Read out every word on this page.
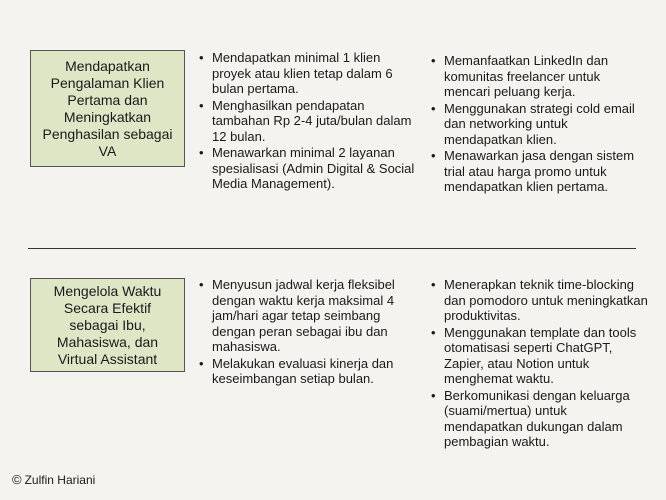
Mendapatkan
Pengalaman Klien
Pertama dan
Meningkatkan
Penghasilan sebagai
VA
• Mendapatkan minimal 1 klien proyek atau klien tetap dalam 6 bulan pertama.
• Menghasilkan pendapatan tambahan Rp 2-4 juta/bulan dalam 12 bulan.
• Menawarkan minimal 2 layanan spesialisasi (Admin Digital & Social Media Management).
• Memanfaatkan LinkedIn dan komunitas freelancer untuk mencari peluang kerja.
• Menggunakan strategi cold email dan networking untuk mendapatkan klien.
• Menawarkan jasa dengan sistem trial atau harga promo untuk mendapatkan klien pertama.
Mengelola Waktu
Secara Efektif
sebagai Ibu,
Mahasiswa, dan
Virtual Assistant
• Menyusun jadwal kerja fleksibel dengan waktu kerja maksimal 4 jam/hari agar tetap seimbang dengan peran sebagai ibu dan mahasiswa.
• Melakukan evaluasi kinerja dan keseimbangan setiap bulan.
• Menerapkan teknik time-blocking dan pomodoro untuk meningkatkan produktivitas.
• Menggunakan template dan tools otomatisasi seperti ChatGPT, Zapier, atau Notion untuk menghemat waktu.
• Berkomunikasi dengan keluarga (suami/mertua) untuk mendapatkan dukungan dalam pembagian waktu.
© Zulfin Hariani
